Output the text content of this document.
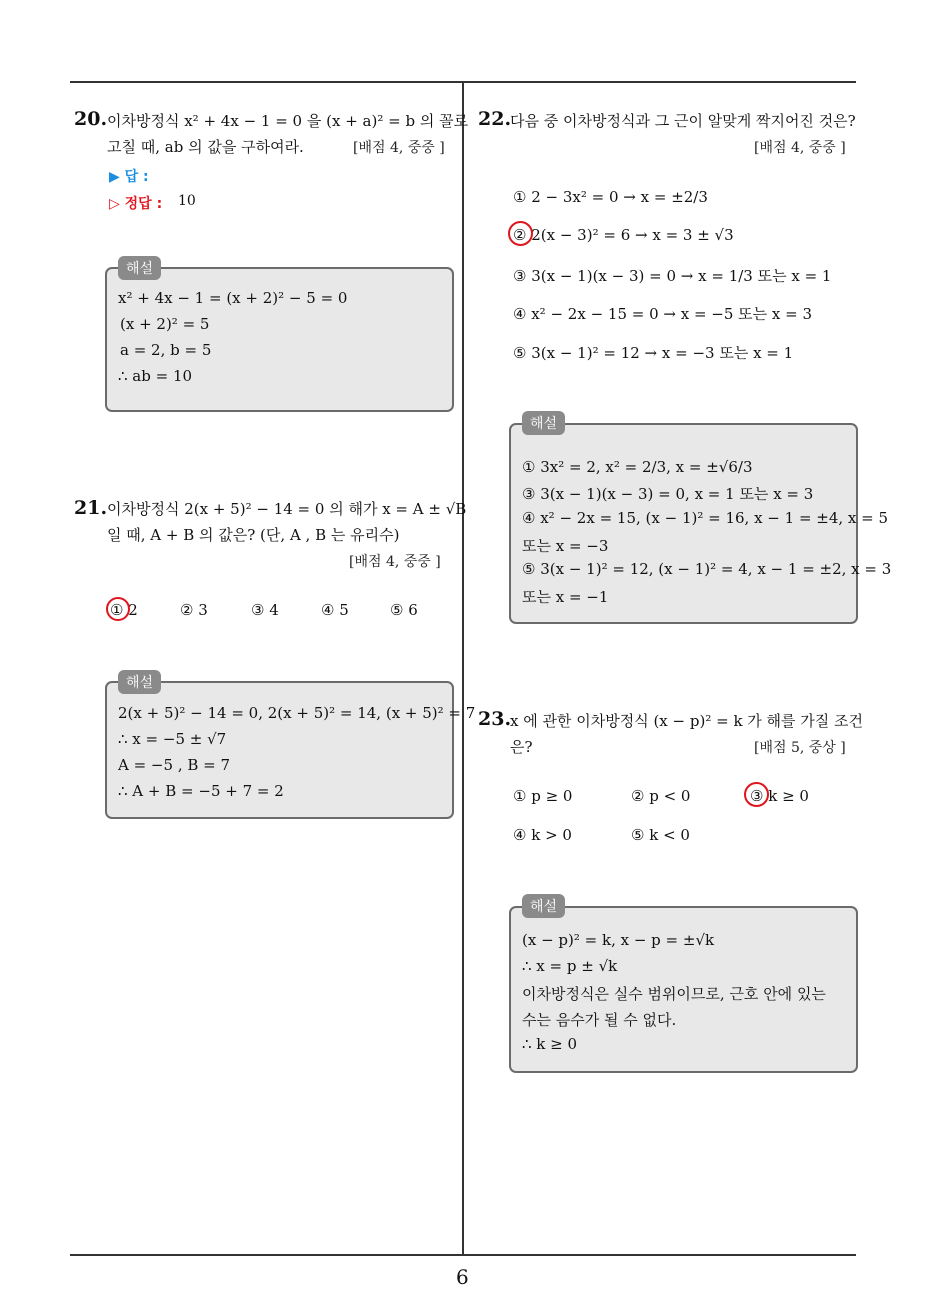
20. 이차방정식 x² + 4x − 1 = 0 을 (x + a)² = b 의 꼴로
고칠 때, ab 의 값을 구하여라.	[배점 4, 중중 ]
▶ 답 :
▷ 정답 : 10
해설
x² + 4x − 1 = (x + 2)² − 5 = 0
(x + 2)² = 5
a = 2, b = 5
∴ ab = 10
21. 이차방정식 2(x + 5)² − 14 = 0 의 해가 x = A ± √B
일 때, A + B 의 값은? (단, A , B 는 유리수)
[배점 4, 중중 ]
① 2	② 3	③ 4	④ 5	⑤ 6
해설
2(x + 5)² − 14 = 0, 2(x + 5)² = 14, (x + 5)² = 7
∴ x = −5 ± √7
A = −5 , B = 7
∴ A + B = −5 + 7 = 2
22.
다음 중 이차방정식과 그 근이 알맞게 짝지어진 것은?
[배점 4, 중중 ]
① 2 − 3x² = 0 → x = ±2/3
② 2(x − 3)² = 6 → x = 3 ± √3
③ 3(x − 1)(x − 3) = 0 → x = 1/3 또는 x = 1
④ x² − 2x − 15 = 0 → x = −5 또는 x = 3
⑤ 3(x − 1)² = 12 → x = −3 또는 x = 1
해설
① 3x² = 2, x² = 2/3, x = ±√6/3
③ 3(x − 1)(x − 3) = 0, x = 1 또는 x = 3
④ x² − 2x = 15, (x − 1)² = 16, x − 1 = ±4, x = 5
또는 x = −3
⑤ 3(x − 1)² = 12, (x − 1)² = 4, x − 1 = ±2, x = 3
또는 x = −1
23.
x 에 관한 이차방정식 (x − p)² = k 가 해를 가질 조건
은?	[배점 5, 중상 ]
① p ≥ 0	② p < 0	③ k ≥ 0
④ k > 0	⑤ k < 0
해설
(x − p)² = k, x − p = ±√k
∴ x = p ± √k
이차방정식은 실수 범위이므로, 근호 안에 있는
수는 음수가 될 수 없다.
∴ k ≥ 0
6
